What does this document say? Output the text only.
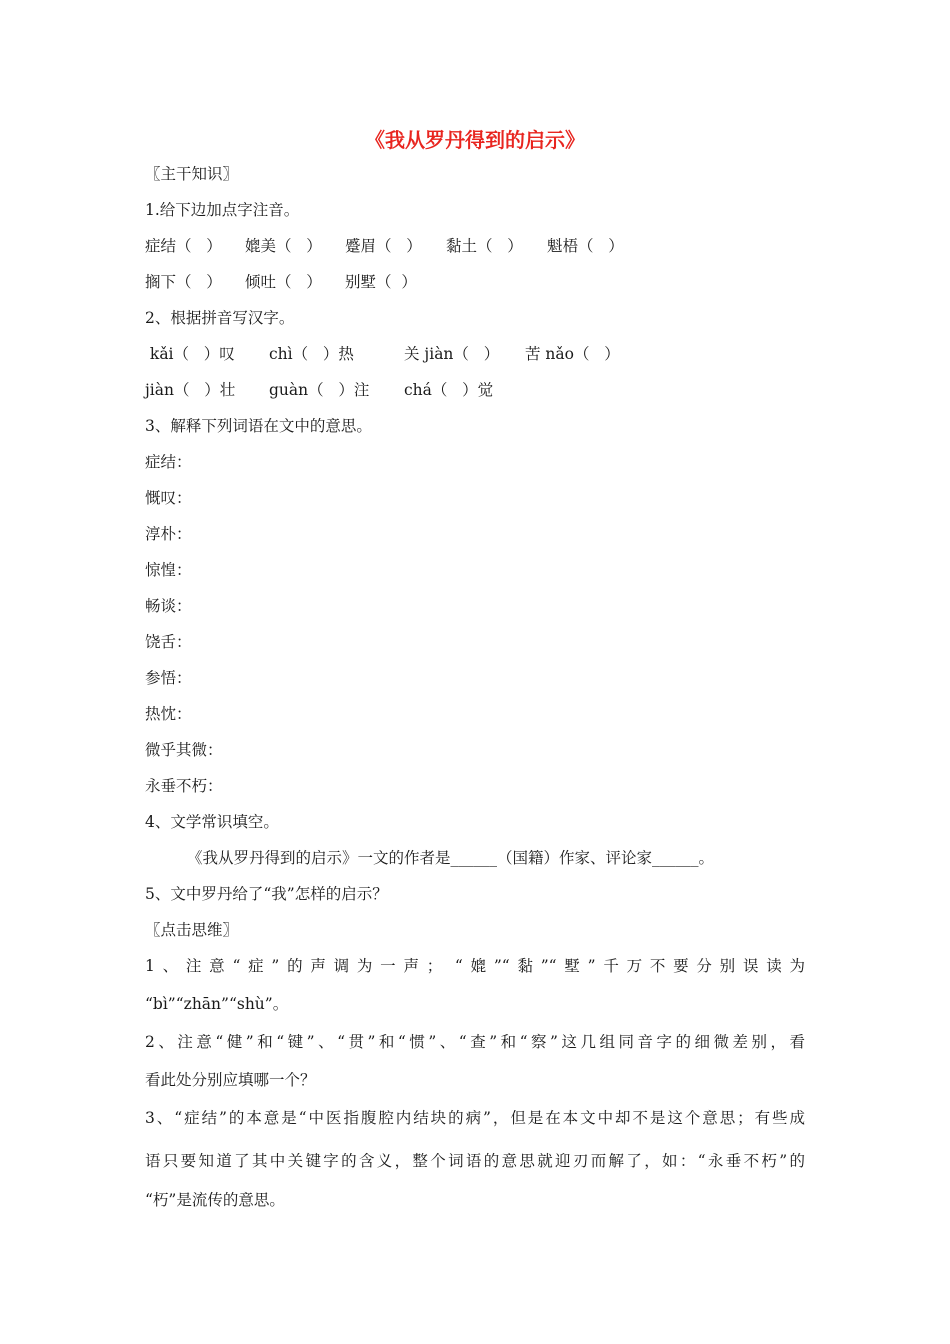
《我从罗丹得到的启示》
〖主干知识〗
1.给下边加点字注音。
症结（   ） 媲美（   ） 蹙眉（   ） 黏土（   ） 魁梧（   ）
搁下（   ） 倾吐（   ） 别墅（  ）
2、根据拼音写汉字。
kǎi（   ）叹 chì（   ）热	关 jiàn（   ） 苦 nǎo（   ）
jiàn（   ）壮 guàn（   ）注 chá（   ）觉
3、解释下列词语在文中的意思。
症结：
慨叹：
淳朴：
惊惶：
畅谈：
饶舌：
参悟：
热忱：
微乎其微：
永垂不朽：
4、文学常识填空。
《我从罗丹得到的启示》一文的作者是______（国籍）作家、评论家______。
5、文中罗丹给了“我”怎样的启示？
〖点击思维〗
1、注意“症”的声调为一声； “媲”“黏”“墅”千万不要分别误读为
“bì”“zhān”“shù”。
2、注意“健”和“键”、“贯”和“惯”、“查”和“察”这几组同音字的细微差别，看
看此处分别应填哪一个？
3、“症结”的本意是“中医指腹腔内结块的病”，但是在本文中却不是这个意思；有些成
语只要知道了其中关键字的含义，整个词语的意思就迎刃而解了，如：“永垂不朽”的
“朽”是流传的意思。
